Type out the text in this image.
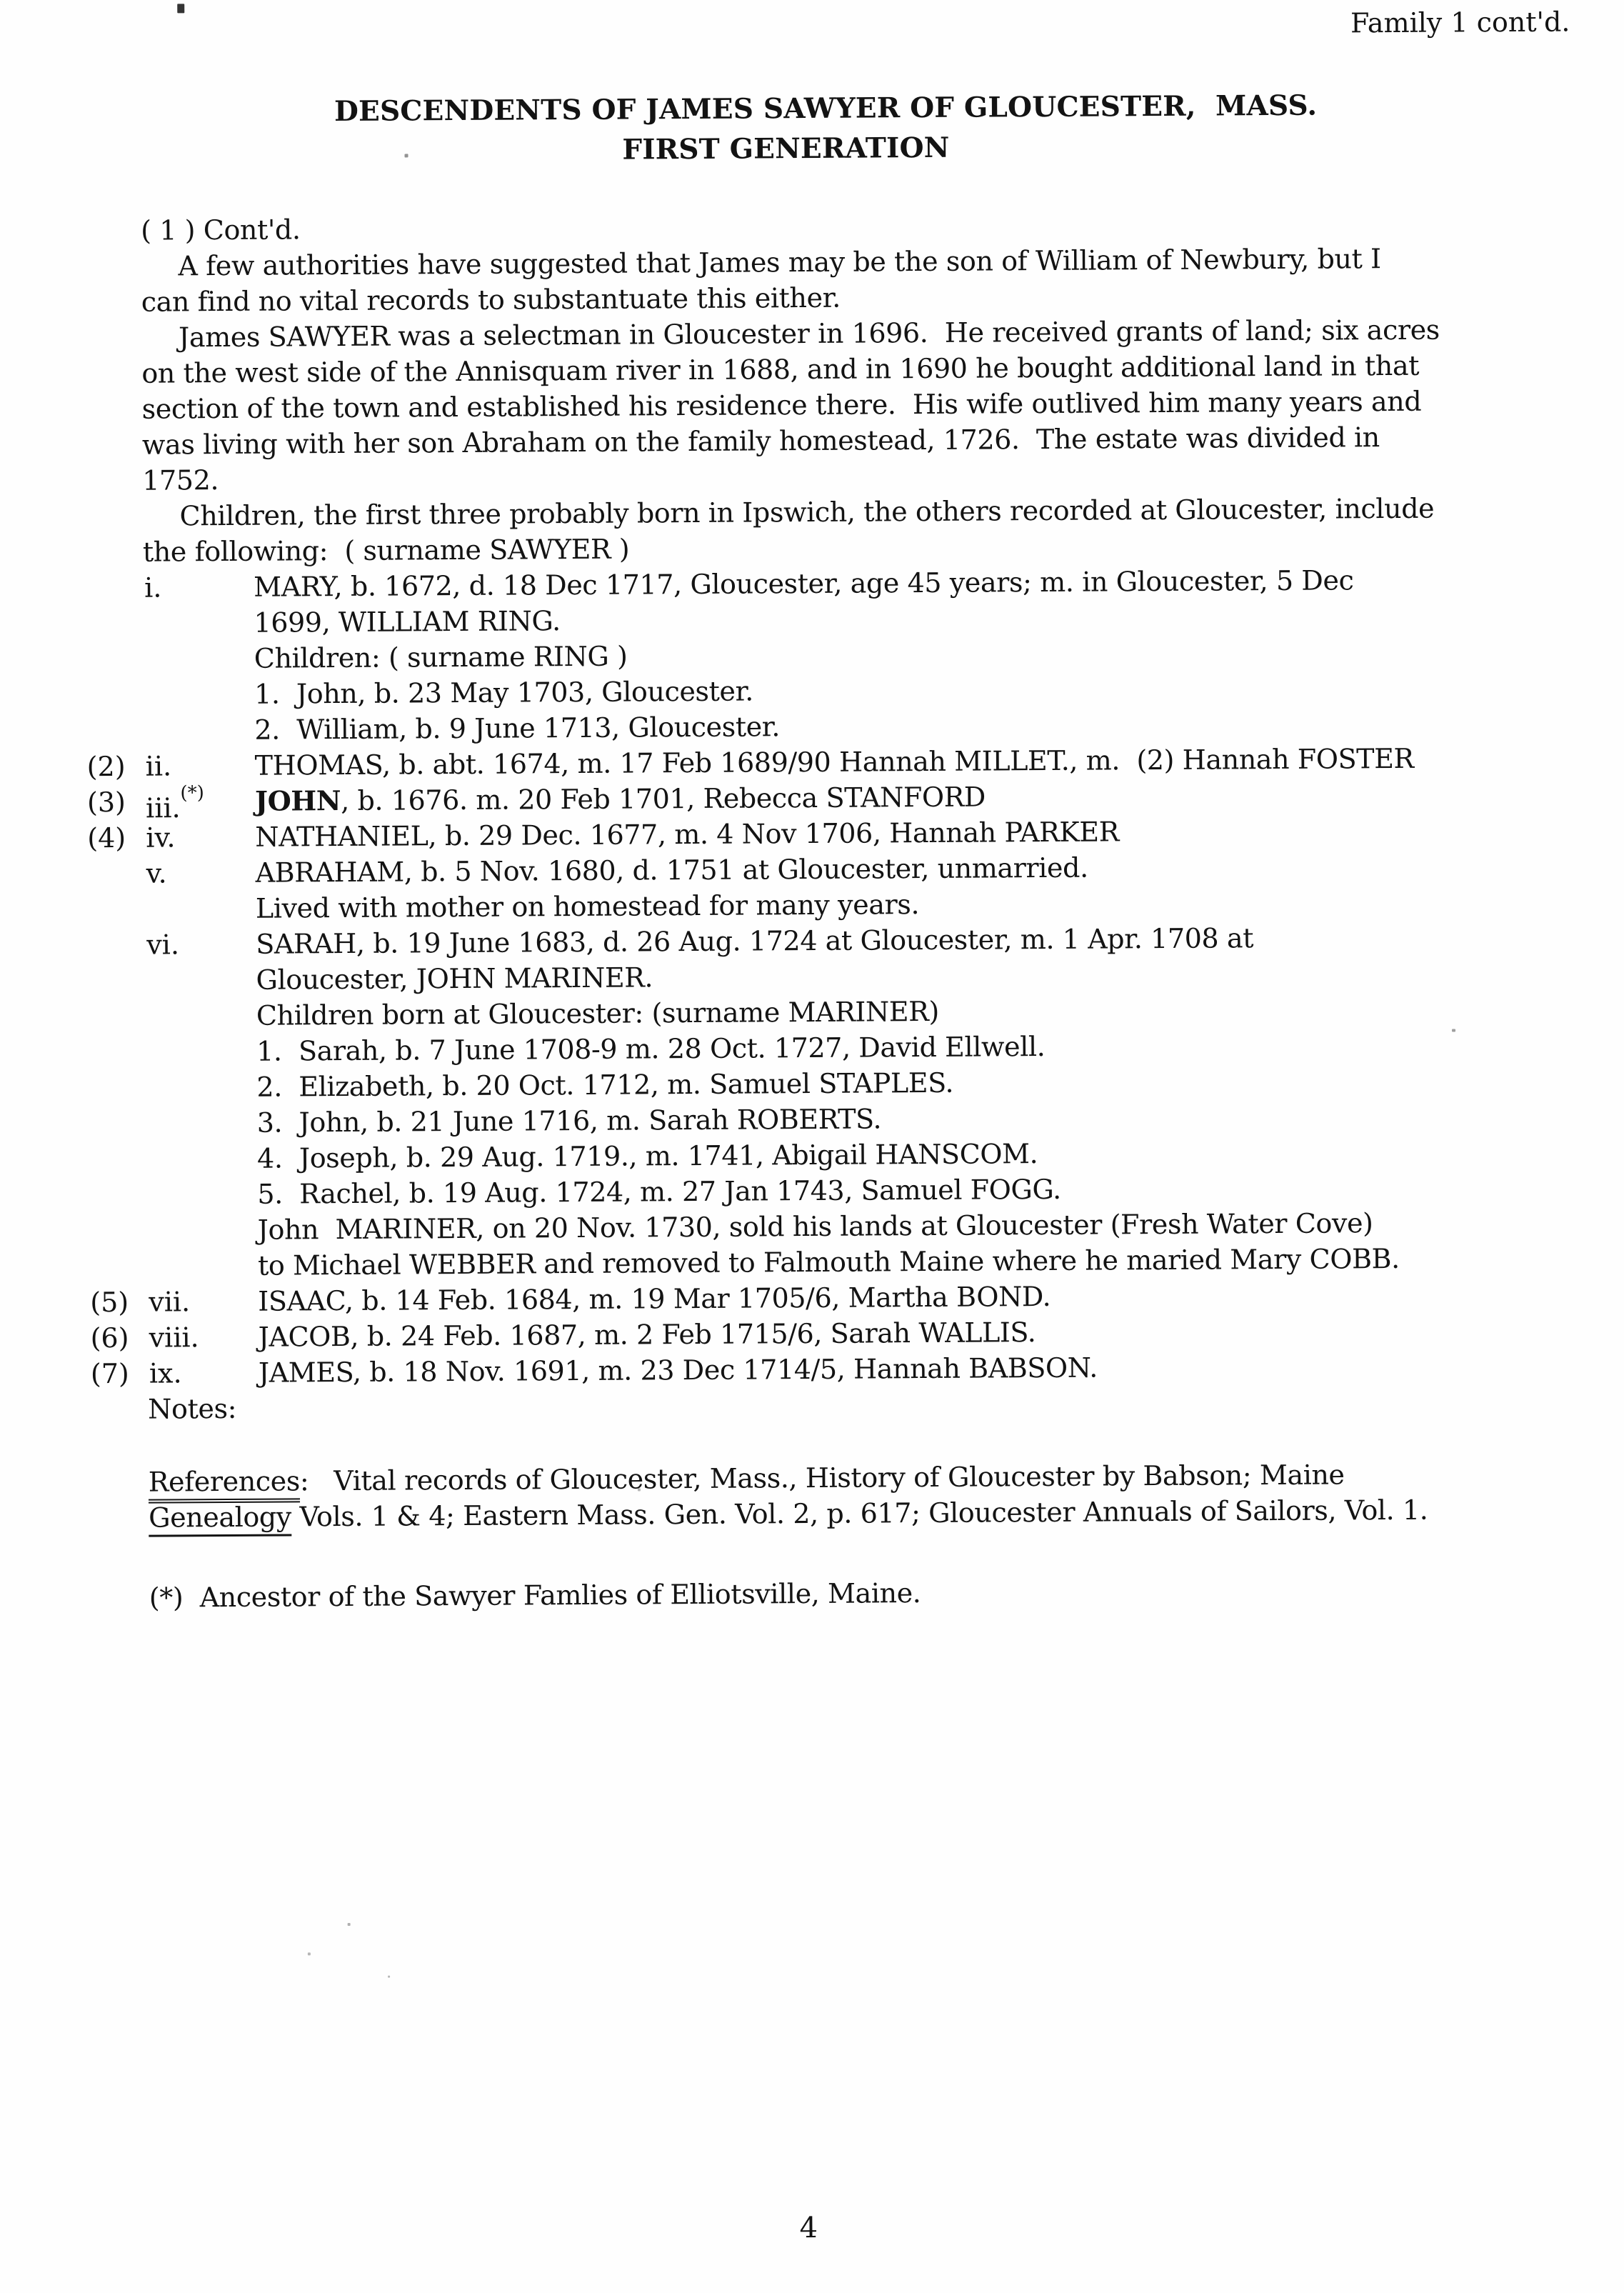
Family 1 cont'd.
DESCENDENTS OF JAMES SAWYER OF GLOUCESTER,  MASS.
FIRST GENERATION
( 1 ) Cont'd.
A few authorities have suggested that James may be the son of William of Newbury, but I
can find no vital records to substantuate this either.
James SAWYER was a selectman in Gloucester in 1696.  He received grants of land; six acres
on the west side of the Annisquam river in 1688, and in 1690 he bought additional land in that
section of the town and established his residence there.  His wife outlived him many years and
was living with her son Abraham on the family homestead, 1726.  The estate was divided in
1752.
Children, the first three probably born in Ipswich, the others recorded at Gloucester, include
the following:  ( surname SAWYER )

i.	MARY, b. 1672, d. 18 Dec 1717, Gloucester, age 45 years; m. in Gloucester, 5 Dec
1699, WILLIAM RING.
Children: ( surname RING )
1.  John, b. 23 May 1703, Gloucester.
2.  William, b. 9 June 1713, Gloucester.
(2) ii.	THOMAS, b. abt. 1674, m. 17 Feb 1689/90 Hannah MILLET., m.  (2) Hannah FOSTER
(3) iii.(*)	JOHN, b. 1676. m. 20 Feb 1701, Rebecca STANFORD
(4) iv.	NATHANIEL, b. 29 Dec. 1677, m. 4 Nov 1706, Hannah PARKER

v.	ABRAHAM, b. 5 Nov. 1680, d. 1751 at Gloucester, unmarried.
Lived with mother on homestead for many years.

vi.	SARAH, b. 19 June 1683, d. 26 Aug. 1724 at Gloucester, m. 1 Apr. 1708 at
Gloucester, JOHN MARINER.
Children born at Gloucester: (surname MARINER)
1.  Sarah, b. 7 June 1708-9 m. 28 Oct. 1727, David Ellwell.
2.  Elizabeth, b. 20 Oct. 1712, m. Samuel STAPLES.
3.  John, b. 21 June 1716, m. Sarah ROBERTS.
4.  Joseph, b. 29 Aug. 1719., m. 1741, Abigail HANSCOM.
5.  Rachel, b. 19 Aug. 1724, m. 27 Jan 1743, Samuel FOGG.
John  MARINER, on 20 Nov. 1730, sold his lands at Gloucester (Fresh Water Cove)
to Michael WEBBER and removed to Falmouth Maine where he maried Mary COBB.
(5) vii.	ISAAC, b. 14 Feb. 1684, m. 19 Mar 1705/6, Martha BOND.
(6) viii.	JACOB, b. 24 Feb. 1687, m. 2 Feb 1715/6, Sarah WALLIS.
(7) ix.	JAMES, b. 18 Nov. 1691, m. 23 Dec 1714/5, Hannah BABSON.
Notes:
References:   Vital records of Gloucester, Mass., History of Gloucester by Babson; Maine
Genealogy Vols. 1 & 4; Eastern Mass. Gen. Vol. 2, p. 617; Gloucester Annuals of Sailors, Vol. 1.
(*)  Ancestor of the Sawyer Famlies of Elliotsville, Maine.
4
